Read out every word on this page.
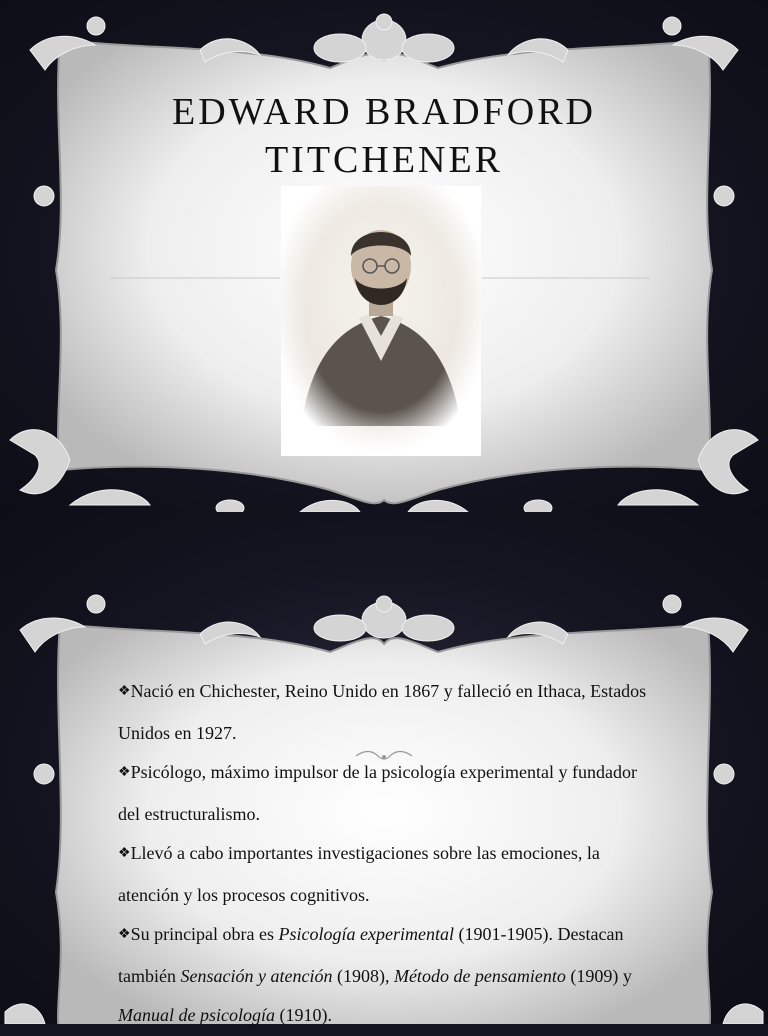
EDWARD BRADFORD
TITCHENER

❖Nació en Chichester, Reino Unido en 1867 y falleció en Ithaca, Estados Unidos en 1927.

❖Psicólogo, máximo impulsor de la psicología experimental y fundador del estructuralismo.

❖Llevó a cabo importantes investigaciones sobre las emociones, la atención y los procesos cognitivos.

❖Su principal obra es Psicología experimental (1901-1905). Destacan también Sensación y atención (1908), Método de pensamiento (1909) y Manual de psicología (1910).
